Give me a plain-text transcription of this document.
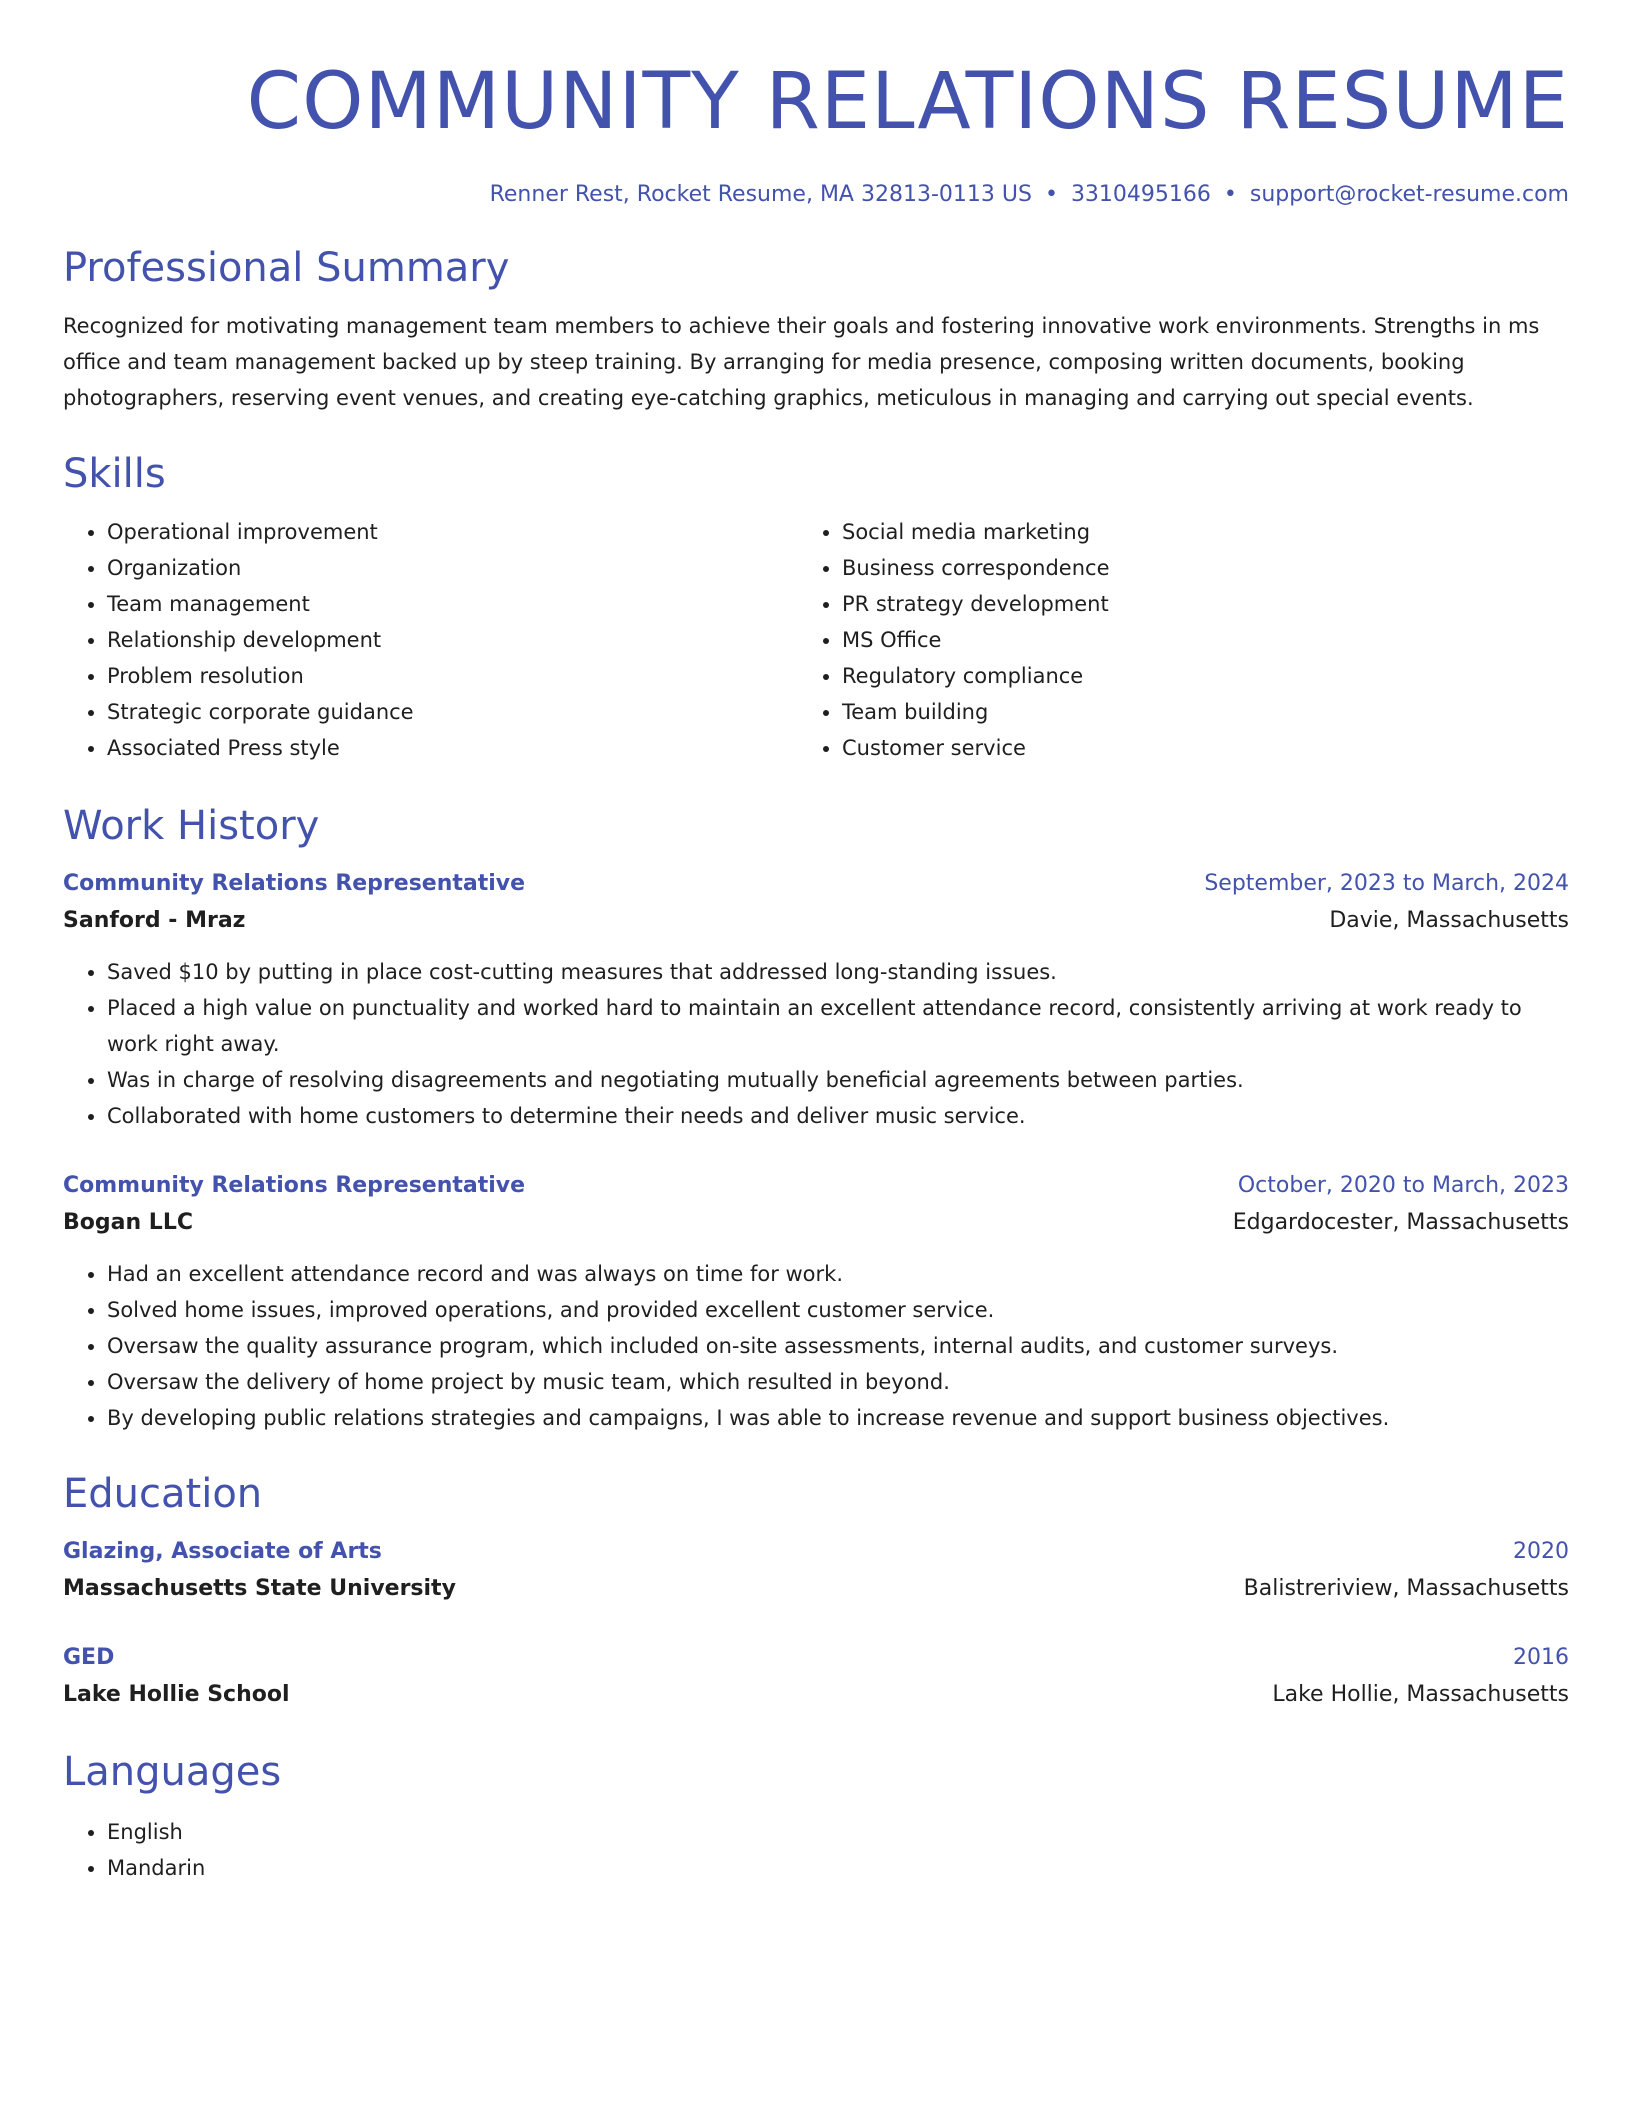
COMMUNITY RELATIONS RESUME
Renner Rest, Rocket Resume, MA 32813-0113 US • 3310495166 • support@rocket-resume.com
Professional Summary

Recognized for motivating management team members to achieve their goals and fostering innovative work environments. Strengths in ms office and team management backed up by steep training. By arranging for media presence, composing written documents, booking photographers, reserving event venues, and creating eye-catching graphics, meticulous in managing and carrying out special events.

Skills
• Operational improvement
• Organization
• Team management
• Relationship development
• Problem resolution
• Strategic corporate guidance
• Associated Press style
• Social media marketing
• Business correspondence
• PR strategy development
• MS Office
• Regulatory compliance
• Team building
• Customer service
Work History
Community Relations Representative	September, 2023 to March, 2024
Sanford - Mraz	Davie, Massachusetts
• Saved $10 by putting in place cost-cutting measures that addressed long-standing issues.
• Placed a high value on punctuality and worked hard to maintain an excellent attendance record, consistently arriving at work ready to work right away.
• Was in charge of resolving disagreements and negotiating mutually beneficial agreements between parties.
• Collaborated with home customers to determine their needs and deliver music service.
Community Relations Representative	October, 2020 to March, 2023
Bogan LLC	Edgardocester, Massachusetts
• Had an excellent attendance record and was always on time for work.
• Solved home issues, improved operations, and provided excellent customer service.
• Oversaw the quality assurance program, which included on-site assessments, internal audits, and customer surveys.
• Oversaw the delivery of home project by music team, which resulted in beyond.
• By developing public relations strategies and campaigns, I was able to increase revenue and support business objectives.
Education
Glazing, Associate of Arts	2020
Massachusetts State University	Balistreriview, Massachusetts
GED	2016
Lake Hollie School	Lake Hollie, Massachusetts
Languages
• English
• Mandarin
